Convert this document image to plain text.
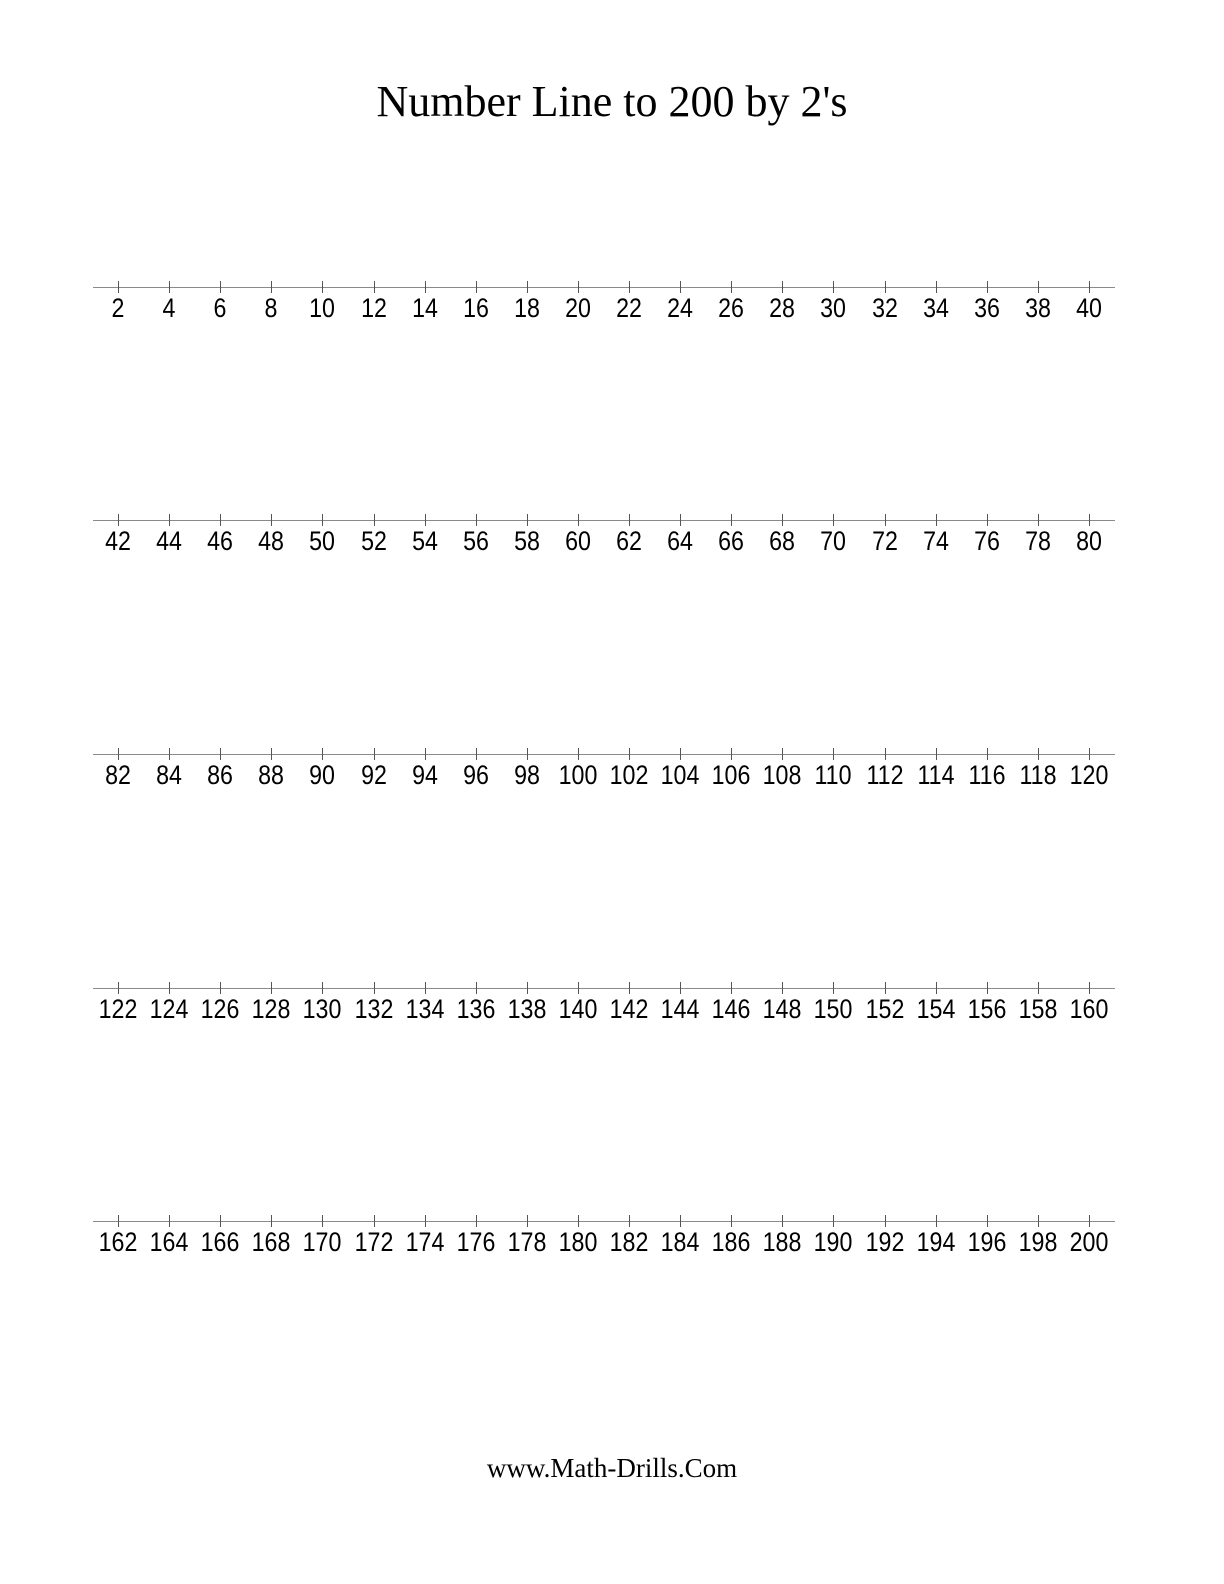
Number Line to 200 by 2's
2	4	6	8	10 12 14 16 18 20 22 24 26 28 30 32 34 36 38 40
42 44 46 48 50 52 54 56 58 60 62 64 66 68 70 72 74 76 78 80
82 84 86 88 90 92 94 96 98 100 102 104 106 108 110 112 114 116 118 120
122 124 126 128 130 132 134 136 138 140 142 144 146 148 150 152 154 156 158 160
162 164 166 168 170 172 174 176 178 180 182 184 186 188 190 192 194 196 198 200
www.Math-Drills.Com
